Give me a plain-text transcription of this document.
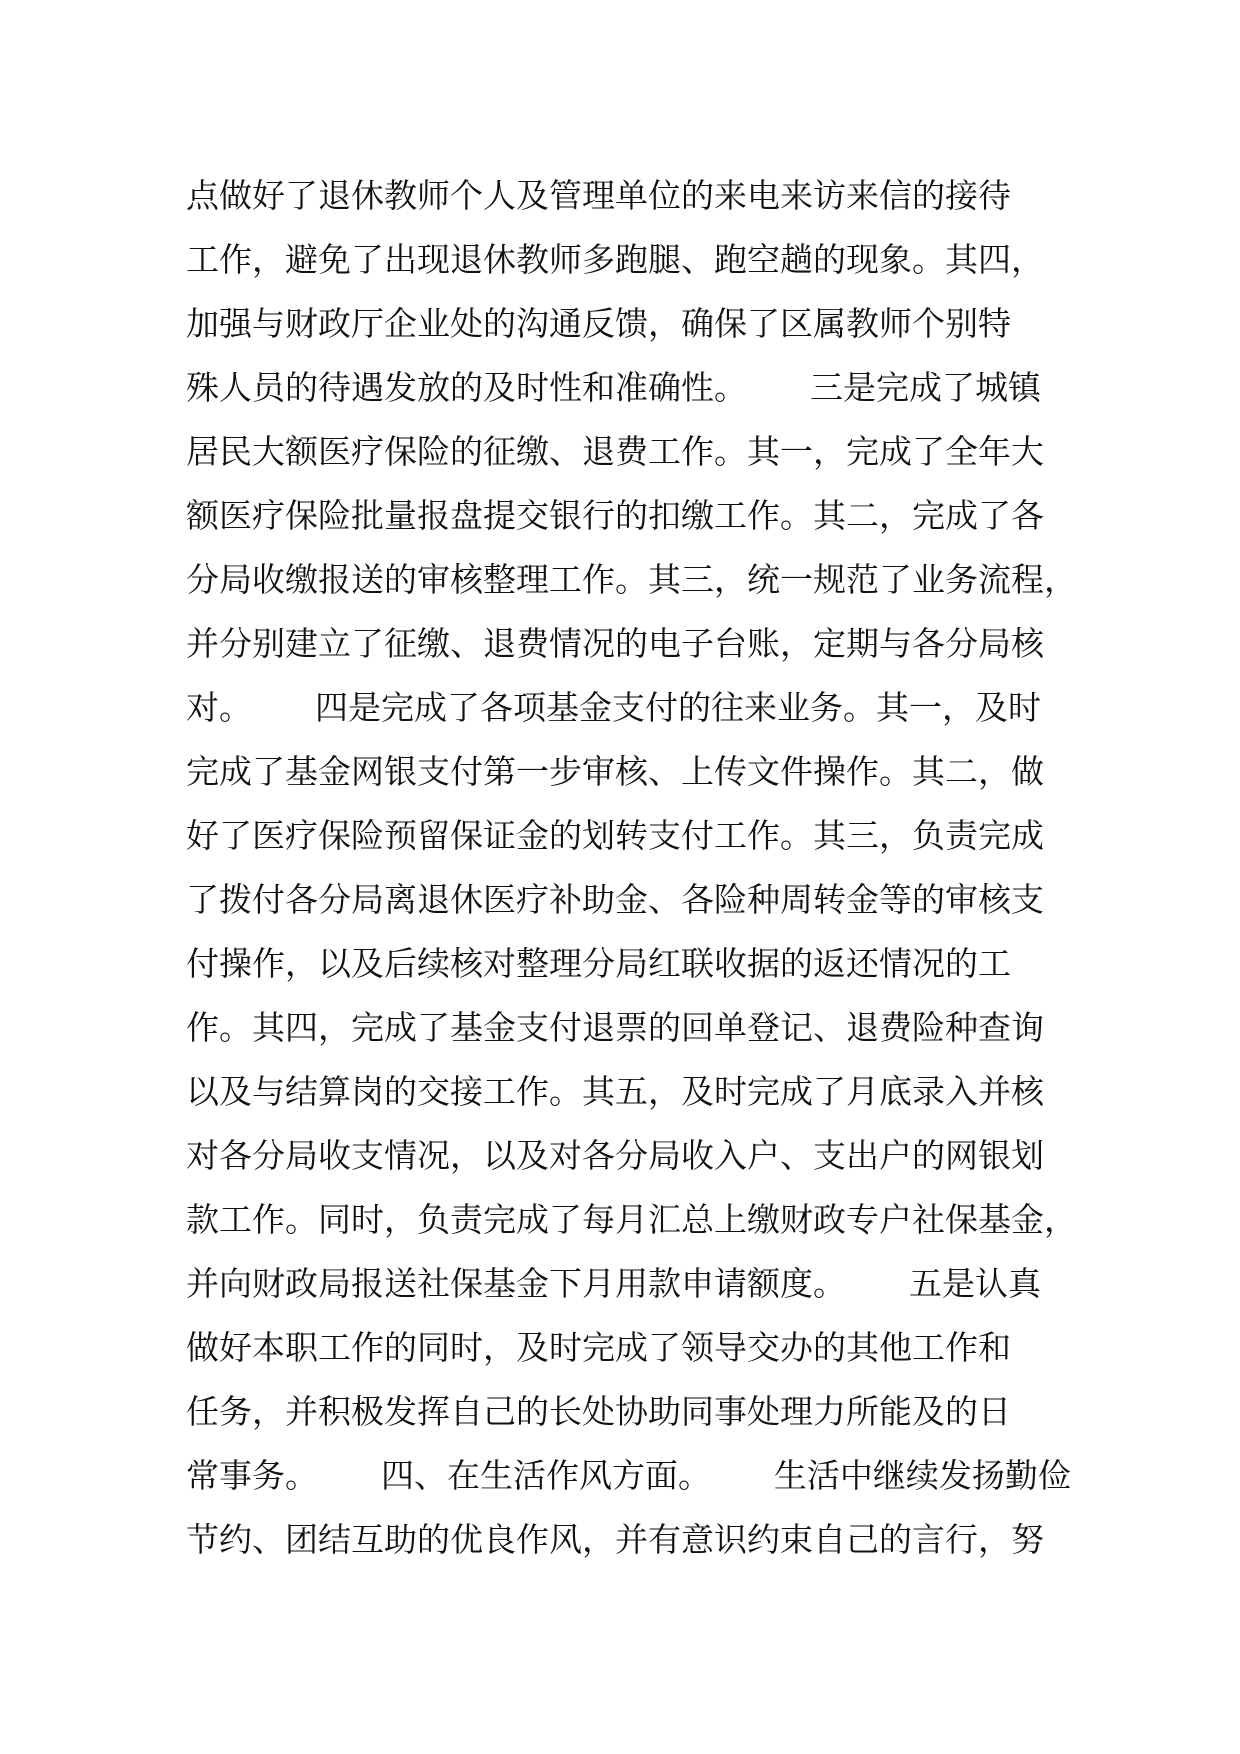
点做好了退休教师个人及管理单位的来电来访来信的接待
工作，避免了出现退休教师多跑腿、跑空趟的现象。其四，
加强与财政厅企业处的沟通反馈，确保了区属教师个别特
殊人员的待遇发放的及时性和准确性。      三是完成了城镇
居民大额医疗保险的征缴、退费工作。其一，完成了全年大
额医疗保险批量报盘提交银行的扣缴工作。其二，完成了各
分局收缴报送的审核整理工作。其三，统一规范了业务流程，
并分别建立了征缴、退费情况的电子台账，定期与各分局核
对。      四是完成了各项基金支付的往来业务。其一，及时
完成了基金网银支付第一步审核、上传文件操作。其二，做
好了医疗保险预留保证金的划转支付工作。其三，负责完成
了拨付各分局离退休医疗补助金、各险种周转金等的审核支
付操作，以及后续核对整理分局红联收据的返还情况的工
作。其四，完成了基金支付退票的回单登记、退费险种查询
以及与结算岗的交接工作。其五，及时完成了月底录入并核
对各分局收支情况，以及对各分局收入户、支出户的网银划
款工作。同时，负责完成了每月汇总上缴财政专户社保基金，
并向财政局报送社保基金下月用款申请额度。      五是认真
做好本职工作的同时，及时完成了领导交办的其他工作和
任务，并积极发挥自己的长处协助同事处理力所能及的日
常事务。      四、在生活作风方面。      生活中继续发扬勤俭
节约、团结互助的优良作风，并有意识约束自己的言行，努
